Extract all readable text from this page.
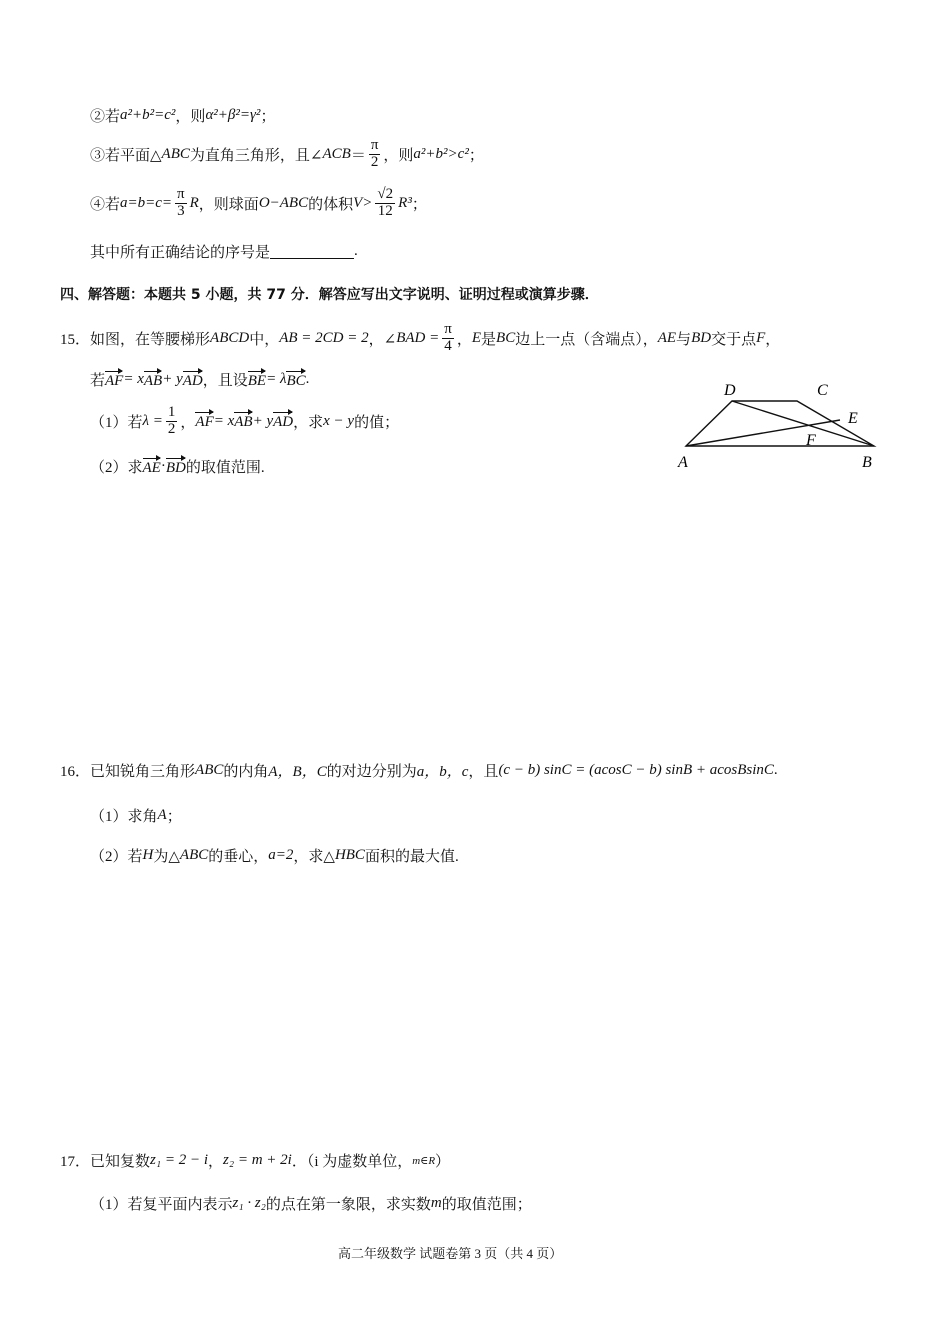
②若 a²+b²=c² ，则 α²+β²=γ² ；
③若平面△ ABC 为直角三角形，且∠ ACB ＝ $\frac{\pi}{2}$ ，则 a²+b²>c² ；
④若 $a=b=c= \frac{\pi}{3}$ R ，则球面 O−ABC 的体积 $V> \frac{√2}{12} R^3$ ；
其中所有正确结论的序号是	.
四、解答题：本题共 5 小题，共 77 分．解答应写出文字说明、证明过程或演算步骤．
15． 如图，在等腰梯形 ABCD 中， AB = 2CD = 2 ，∠ BAD = $\frac{\pi}{4}$ ， E 是 BC 边上一点（含端点）， AE 与 BD 交于点 F ，
若 AF = x AB + y AD ，且设 BE = λ BC .
（1）若 $\lambda = \frac{1}{2}$ ， AF = x AB + y AD ，求 x − y 的值；
（2）求 AE · BD 的取值范围.	A	B
C
D
E
F
16． 已知锐角三角形 ABC 的内角 A，B，C 的对边分别为 a，b，c ，且 (c − b) sinC = (acosC − b) sinB + acosBsinC .
（1）求角 A ；
（2）若 H 为△ ABC 的垂心， a=2 ，求△ HBC 面积的最大值.
17． 已知复数 z₁ = 2 − i ， z₂ = m + 2i ．（i 为虚数单位， m∈R ）
（1）若复平面内表示 z₁ · z₂ 的点在第一象限，求实数 m 的取值范围；
高二年级数学 试题卷第 3 页（共 4 页）
